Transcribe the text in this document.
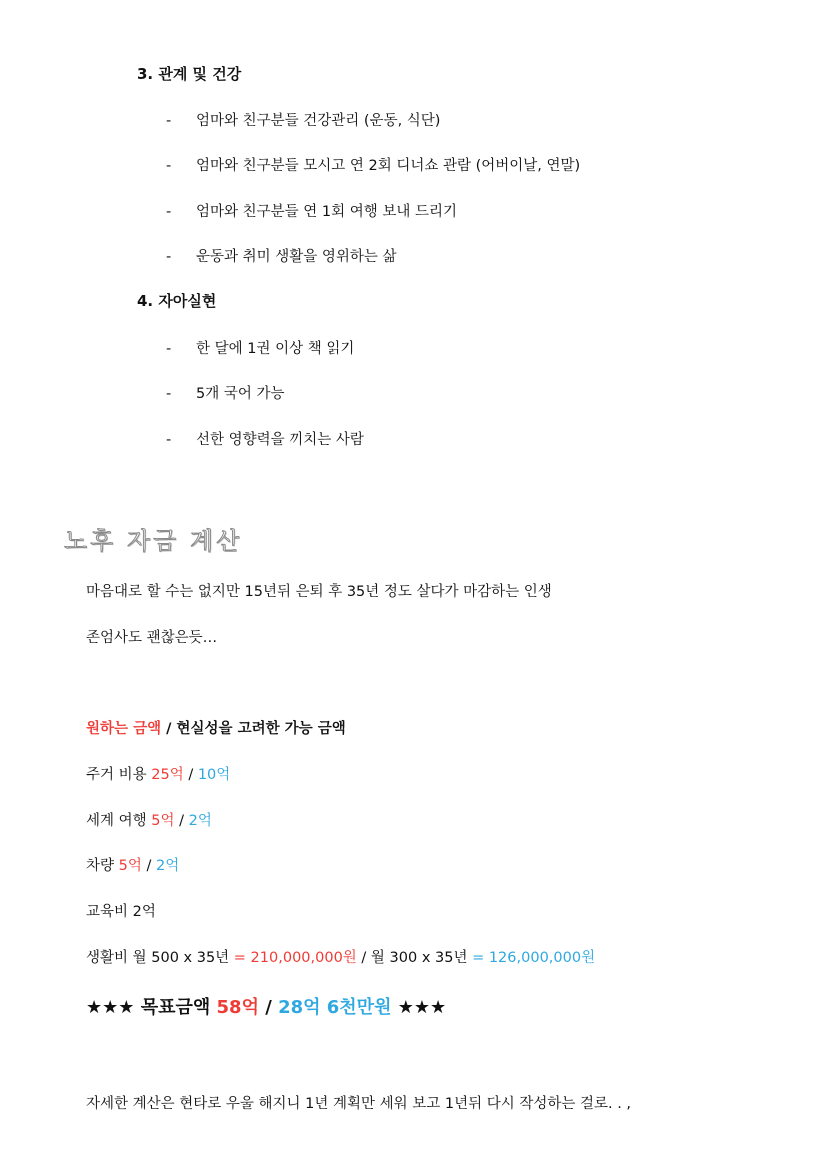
3. 관계 및 건강
- 엄마와 친구분들 건강관리 (운동, 식단)
- 엄마와 친구분들 모시고 연 2회 디너쇼 관람 (어버이날, 연말)
- 엄마와 친구분들 연 1회 여행 보내 드리기
- 운동과 취미 생활을 영위하는 삶
4. 자아실현
- 한 달에 1권 이상 책 읽기
- 5개 국어 가능
- 선한 영향력을 끼치는 사람
노후 자금 계산
마음대로 할 수는 없지만 15년뒤 은퇴 후 35년 정도 살다가 마감하는 인생
존엄사도 괜찮은듯…
원하는 금액 / 현실성을 고려한 가능 금액
주거 비용 25억 / 10억
세계 여행 5억 / 2억
차량 5억 / 2억
교육비 2억
생활비 월 500 x 35년 = 210,000,000원 / 월 300 x 35년 = 126,000,000원
★★★ 목표금액 58억 / 28억 6천만원 ★★★
자세한 계산은 현타로 우울 해지니 1년 계획만 세워 보고 1년뒤 다시 작성하는 걸로. . ,
